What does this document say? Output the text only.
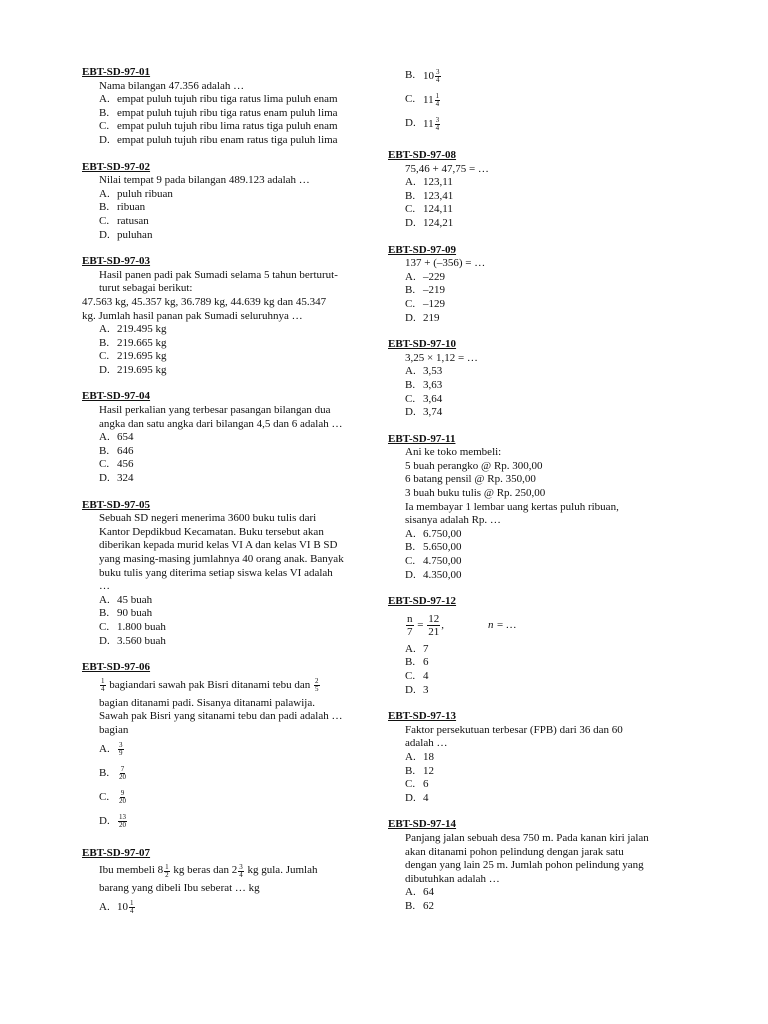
EBT-SD-97-01
Nama bilangan 47.356 adalah …
A. empat puluh tujuh ribu tiga ratus lima puluh enam
B. empat puluh tujuh ribu tiga ratus enam puluh lima
C. empat puluh tujuh ribu lima ratus tiga puluh enam
D. empat puluh tujuh ribu enam ratus tiga puluh lima
EBT-SD-97-02
Nilai tempat 9 pada bilangan 489.123 adalah …
A. puluh ribuan
B. ribuan
C. ratusan
D. puluhan
EBT-SD-97-03
Hasil panen padi pak Sumadi selama 5 tahun berturut-
turut sebagai berikut:
47.563 kg, 45.357 kg, 36.789 kg, 44.639 kg dan 45.347
kg. Jumlah hasil panan pak Sumadi seluruhnya …
A. 219.495 kg
B. 219.665 kg
C. 219.695 kg
D. 219.695 kg
EBT-SD-97-04
Hasil perkalian yang terbesar pasangan bilangan dua
angka dan satu angka dari bilangan 4,5 dan 6 adalah …
A. 654
B. 646
C. 456
D. 324
EBT-SD-97-05
Sebuah SD negeri menerima 3600 buku tulis dari
Kantor Depdikbud Kecamatan. Buku tersebut akan
diberikan kepada murid kelas VI A dan kelas VI B SD
yang masing-masing jumlahnya 40 orang anak. Banyak
buku tulis yang diterima setiap siswa kelas VI adalah
…
A. 45 buah
B. 90 buah
C. 1.800 buah
D. 3.560 buah
EBT-SD-97-06
$\frac{1}{4}$ bagiandari sawah pak Bisri ditanami tebu dan $\frac{2}{5}$
bagian ditanami padi. Sisanya ditanami palawija.
Sawah pak Bisri yang sitanami tebu dan padi adalah …
bagian
A.	$\frac{3}{9}$
B.	$\frac{7}{20}$
C.	$\frac{9}{20}$
D.	$\frac{13}{20}$
EBT-SD-97-07
Ibu membeli $8 \frac{1}{2}$ kg beras dan $2 \frac{3}{4}$ kg gula. Jumlah
barang yang dibeli Ibu seberat … kg
A. $10 \frac{1}{4}$
B. $10 \frac{3}{4}$
C. $11 \frac{1}{4}$
D. $11 \frac{3}{4}$
EBT-SD-97-08
75,46 + 47,75 = …
A. 123,11
B. 123,41
C. 124,11
D. 124,21
EBT-SD-97-09
137 + (–356) = …
A. –229
B. –219
C. –129
D. 219
EBT-SD-97-10
3,25 × 1,12 = …
A. 3,53
B. 3,63
C. 3,64
D. 3,74
EBT-SD-97-11
Ani ke toko membeli:
5 buah perangko @ Rp. 300,00
6 batang pensil @ Rp. 350,00
3 buah buku tulis @ Rp. 250,00
Ia membayar 1 lembar uang kertas puluh ribuan,
sisanya adalah Rp. …
A. 6.750,00
B. 5.650,00
C. 4.750,00
D. 4.350,00
EBT-SD-97-12
$\frac{n}{7} = \frac{12}{21}$ ,	n = …
A. 7
B. 6
C. 4
D. 3
EBT-SD-97-13
Faktor persekutuan terbesar (FPB) dari 36 dan 60
adalah …
A. 18
B. 12
C. 6
D. 4
EBT-SD-97-14
Panjang jalan sebuah desa 750 m. Pada kanan kiri jalan
akan ditanami pohon pelindung dengan jarak satu
dengan yang lain 25 m. Jumlah pohon pelindung yang
dibutuhkan adalah …
A. 64
B. 62
